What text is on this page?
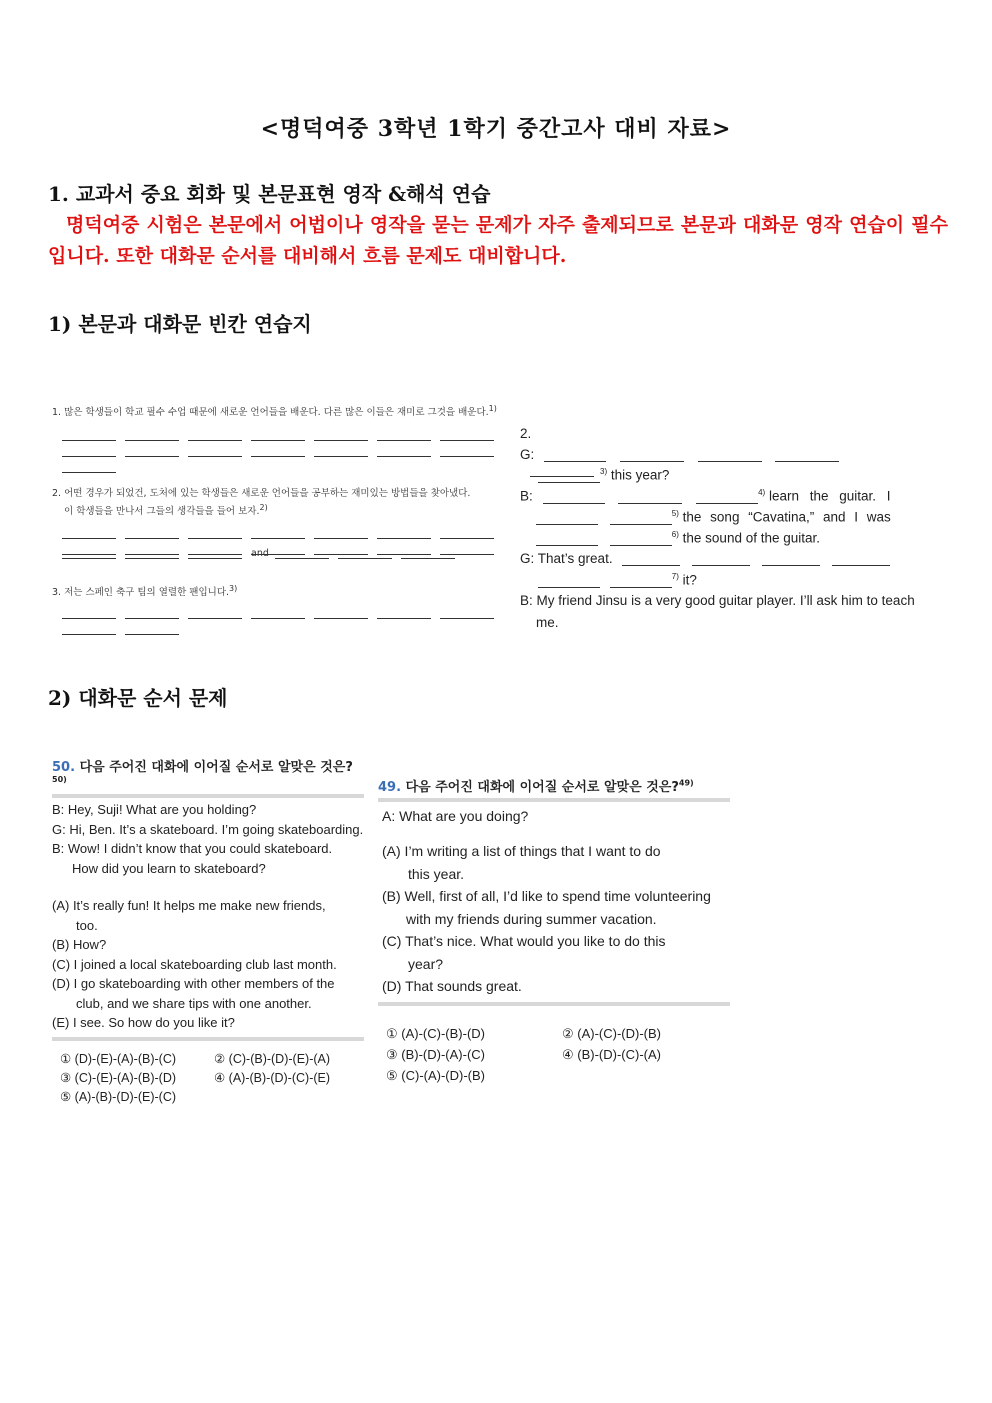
<명덕여중 3학년 1학기 중간고사 대비 자료>
1. 교과서 중요 회화 및 본문표현 영작 &해석 연습
명덕여중 시험은 본문에서 어법이나 영작을 묻는 문제가 자주 출제되므로 본문과 대화문 영작 연습이 필수입니다. 또한 대화문 순서를 대비해서 흐름 문제도 대비합니다.
1) 본문과 대화문 빈칸 연습지
1. 많은 학생들이 학교 필수 수업 때문에 새로운 언어들을 배운다. 다른 많은 이들은 재미로 그것을 배운다.$^{1)}$
2. 어떤 경우가 되었건, 도처에 있는 학생들은 새로운 언어들을 공부하는 재미있는 방법들을 찾아냈다.
이 학생들을 만나서 그들의 생각들을 들어 보자.$^{2)}$
and
3. 저는 스페인 축구 팀의 열렬한 팬입니다.$^{3)}$
2.
G:
$^{3)}$ this year?
B:	$^{4)}$ learn the guitar. I
$^{5)}$ the song “Cavatina,” and I was
$^{6)}$ the sound of the guitar.
G: That’s great.
$^{7)}$ it?
B: My friend Jinsu is a very good guitar player. I’ll ask him to teach
me.
2) 대화문 순서 문제
50. 다음 주어진 대화에 이어질 순서로 알맞은 것은?$^{50)}$
B: Hey, Suji! What are you holding?
G: Hi, Ben. It’s a skateboard. I’m going skateboarding.
B: Wow! I didn’t know that you could skateboard.
How did you learn to skateboard?
(A) It’s really fun! It helps me make new friends,
too.
(B) How?
(C) I joined a local skateboarding club last month.
(D) I go skateboarding with other members of the
club, and we share tips with one another.
(E) I see. So how do you like it?
① (D)-(E)-(A)-(B)-(C)	② (C)-(B)-(D)-(E)-(A)
③ (C)-(E)-(A)-(B)-(D)	④ (A)-(B)-(D)-(C)-(E)
⑤ (A)-(B)-(D)-(E)-(C)
49. 다음 주어진 대화에 이어질 순서로 알맞은 것은?$^{49)}$
A: What are you doing?
(A) I’m writing a list of things that I want to do
this year.
(B) Well, first of all, I’d like to spend time volunteering
with my friends during summer vacation.
(C) That’s nice. What would you like to do this
year?
(D) That sounds great.
① (A)-(C)-(B)-(D)	② (A)-(C)-(D)-(B)
③ (B)-(D)-(A)-(C)	④ (B)-(D)-(C)-(A)
⑤ (C)-(A)-(D)-(B)
